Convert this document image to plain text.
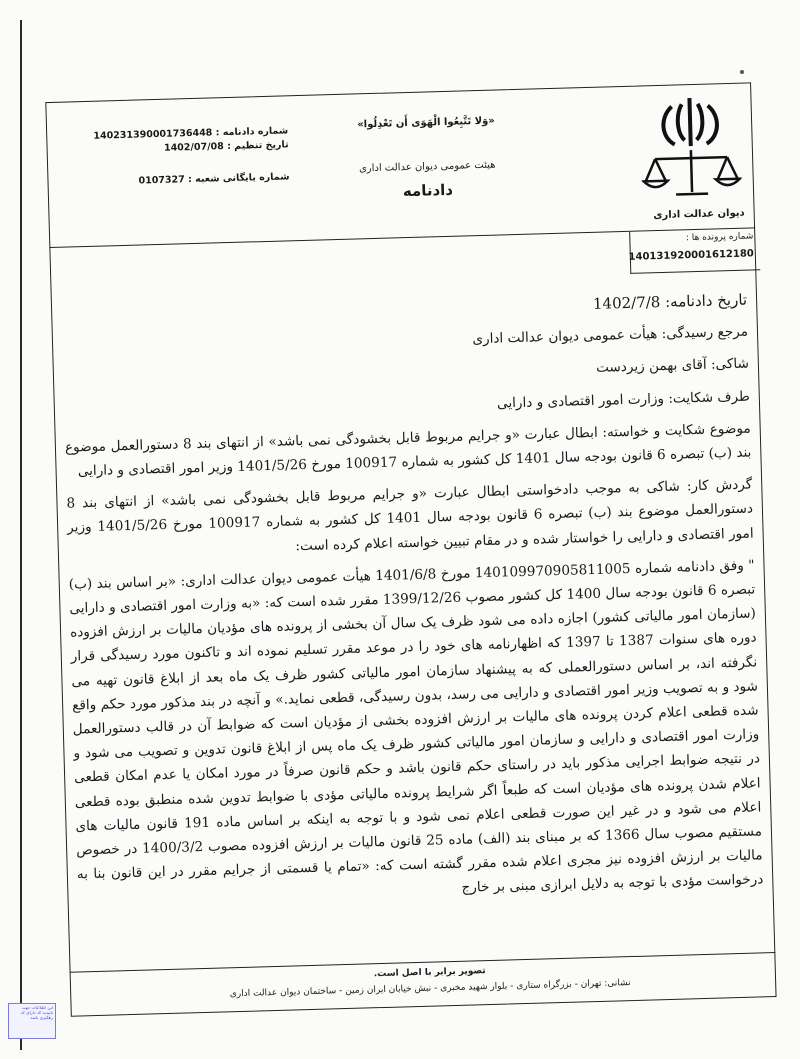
دیوان عدالت اداری
«وَلا تَتَّبِعُوا الْهَوَى أَن تَعْدِلُوا»
هیئت عمومی دیوان عدالت اداری
دادنامه
شماره دادنامه : 140231390001736448
تاریخ تنظیم : 1402/07/08
شماره بایگانی شعبه : 0107327
شماره پرونده ها :
140131920001612180

تاریخ دادنامه: 1402/7/8

مرجع رسیدگی: هیأت عمومی دیوان عدالت اداری

شاکی: آقای بهمن زیردست

طرف شکایت: وزارت امور اقتصادی و دارایی

موضوع شکایت و خواسته: ابطال عبارت «و جرایم مربوط قابل بخشودگی نمی باشد» از انتهای بند 8 دستورالعمل موضوع بند (ب) تبصره 6 قانون بودجه سال 1401 کل کشور به شماره 100917 مورخ 1401/5/26 وزیر امور اقتصادی و دارایی

گردش کار: شاکی به موجب دادخواستی ابطال عبارت «و جرایم مربوط قابل بخشودگی نمی باشد» از انتهای بند 8 دستورالعمل موضوع بند (ب) تبصره 6 قانون بودجه سال 1401 کل کشور به شماره 100917 مورخ 1401/5/26 وزیر امور اقتصادی و دارایی را خواستار شده و در مقام تبیین خواسته اعلام کرده است:

" وفق دادنامه شماره 140109970905811005 مورخ 1401/6/8 هیأت عمومی دیوان عدالت اداری: «بر اساس بند (ب) تبصره 6 قانون بودجه سال 1400 کل کشور مصوب 1399/12/26 مقرر شده است که: «به وزارت امور اقتصادی و دارایی (سازمان امور مالیاتی کشور) اجازه داده می شود ظرف یک سال آن بخشی از پرونده های مؤدیان مالیات بر ارزش افزوده دوره های سنوات 1387 تا 1397 که اظهارنامه های خود را در موعد مقرر تسلیم نموده اند و تاکنون مورد رسیدگی قرار نگرفته اند، بر اساس دستورالعملی که به پیشنهاد سازمان امور مالیاتی کشور ظرف یک ماه بعد از ابلاغ قانون تهیه می شود و به تصویب وزیر امور اقتصادی و دارایی می رسد، بدون رسیدگی، قطعی نماید.» و آنچه در بند مذکور مورد حکم واقع شده قطعی اعلام کردن پرونده های مالیات بر ارزش افزوده بخشی از مؤدیان است که ضوابط آن در قالب دستورالعمل وزارت امور اقتصادی و دارایی و سازمان امور مالیاتی کشور ظرف یک ماه پس از ابلاغ قانون تدوین و تصویب می شود و در نتیجه ضوابط اجرایی مذکور باید در راستای حکم قانون باشد و حکم قانون صرفاً در مورد امکان یا عدم امکان قطعی اعلام شدن پرونده های مؤدیان است که طبعاً اگر شرایط پرونده مالیاتی مؤدی با ضوابط تدوین شده منطبق بوده قطعی اعلام می شود و در غیر این صورت قطعی اعلام نمی شود و با توجه به اینکه بر اساس ماده 191 قانون مالیات های مستقیم مصوب سال 1366 که بر مبنای بند (الف) ماده 25 قانون مالیات بر ارزش افزوده مصوب 1400/3/2 در خصوص مالیات بر ارزش افزوده نیز مجری اعلام شده مقرر گشته است که: «تمام یا قسمتی از جرایم مقرر در این قانون بنا به درخواست مؤدی با توجه به دلایل ابرازی مبنی بر خارج

تصویر برابر با اصل است.
نشانی: تهران - بزرگراه ستاری - بلوار شهید مخبری - نبش خیابان ایران زمین - ساختمان دیوان عدالت اداری
این اطلاعات جهت تاییدیه کد دارای کد رهگیری باشد
